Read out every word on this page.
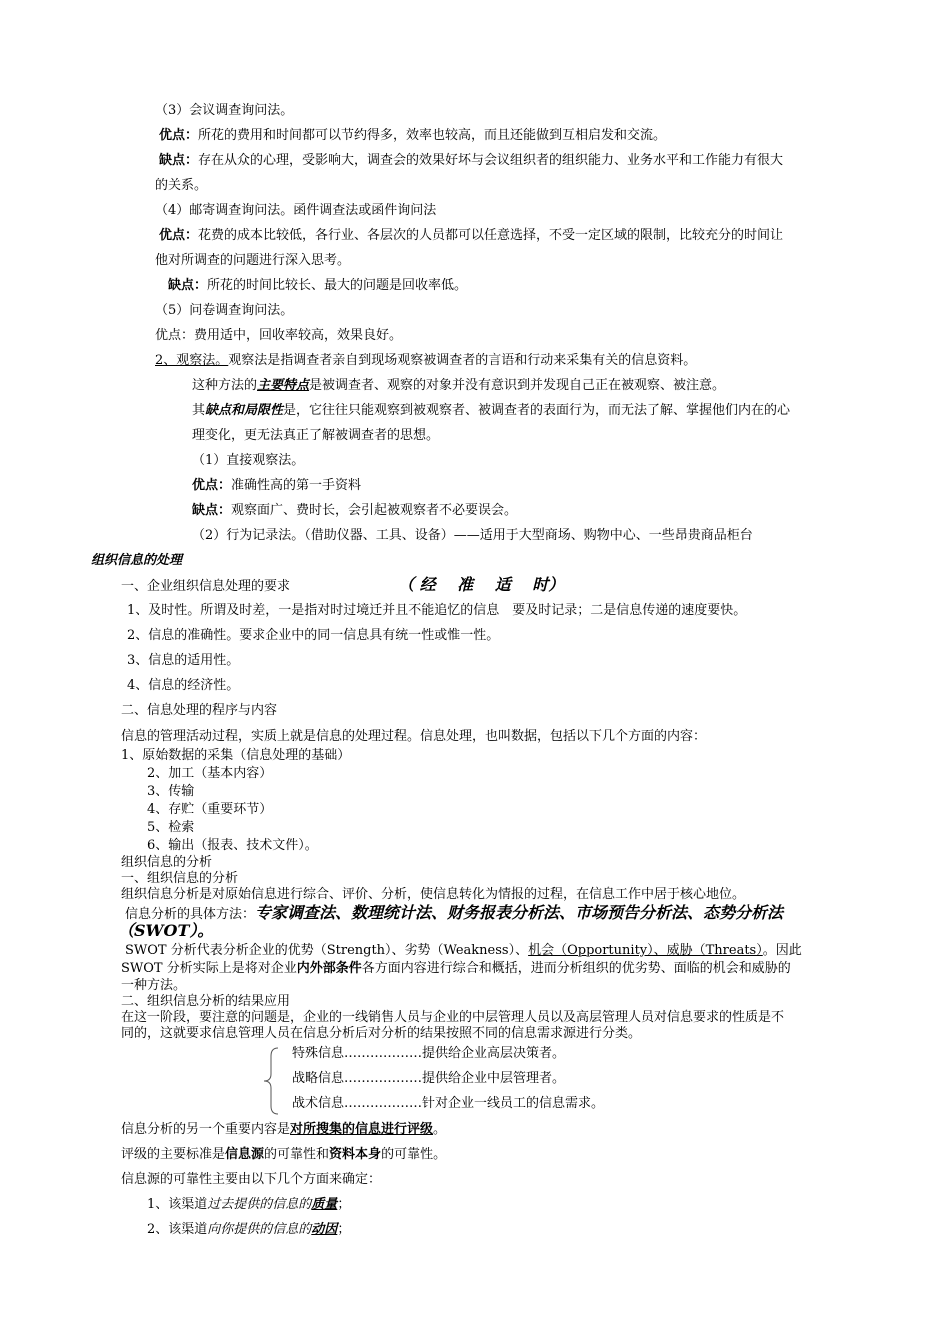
（3）会议调查询问法。
优点：所花的费用和时间都可以节约得多，效率也较高，而且还能做到互相启发和交流。
缺点：存在从众的心理，受影响大，调查会的效果好坏与会议组织者的组织能力、业务水平和工作能力有很大
的关系。
（4）邮寄调查询问法。函件调查法或函件询问法
优点：花费的成本比较低，各行业、各层次的人员都可以任意选择，不受一定区域的限制，比较充分的时间让
他对所调查的问题进行深入思考。
缺点：所花的时间比较长、最大的问题是回收率低。
（5）问卷调查询问法。
优点：费用适中，回收率较高，效果良好。
2、观察法。观察法是指调查者亲自到现场观察被调查者的言语和行动来采集有关的信息资料。
这种方法的主要特点是被调查者、观察的对象并没有意识到并发现自己正在被观察、被注意。
其缺点和局限性是，它往往只能观察到被观察者、被调查者的表面行为，而无法了解、掌握他们内在的心
理变化，更无法真正了解被调查者的思想。
（1）直接观察法。
优点：准确性高的第一手资料
缺点：观察面广、费时长，会引起被观察者不必要误会。
（2）行为记录法。（借助仪器、工具、设备）——适用于大型商场、购物中心、一些昂贵商品柜台
组织信息的处理
一、企业组织信息处理的要求	（ 经　 准　 适　 时）
1、及时性。所谓及时差，一是指对时过境迁并且不能追忆的信息　要及时记录；二是信息传递的速度要快。
2、信息的准确性。要求企业中的同一信息具有统一性或惟一性。
3、信息的适用性。
4、信息的经济性。
二、信息处理的程序与内容
信息的管理活动过程，实质上就是信息的处理过程。信息处理，也叫数据，包括以下几个方面的内容：
1、原始数据的采集（信息处理的基础）
2、加工（基本内容）
3、传输
4、存贮（重要环节）
5、检索
6、输出（报表、技术文件）。
组织信息的分析
一、组织信息的分析
组织信息分析是对原始信息进行综合、评价、分析，使信息转化为情报的过程，在信息工作中居于核心地位。
信息分析的具体方法：专家调查法、数理统计法、财务报表分析法、市场预告分析法、态势分析法
（SWOT）。
SWOT 分析代表分析企业的优势（Strength）、劣势（Weakness）、机会（Opportunity）、威胁（Threats）。因此
SWOT 分析实际上是将对企业内外部条件各方面内容进行综合和概括，进而分析组织的优劣势、面临的机会和威胁的
一种方法。
二、组织信息分析的结果应用
在这一阶段，要注意的问题是，企业的一线销售人员与企业的中层管理人员以及高层管理人员对信息要求的性质是不
同的，这就要求信息管理人员在信息分析后对分析的结果按照不同的信息需求源进行分类。
特殊信息………………提供给企业高层决策者。
战略信息………………提供给企业中层管理者。
战术信息………………针对企业一线员工的信息需求。
信息分析的另一个重要内容是对所搜集的信息进行评级。
评级的主要标准是信息源的可靠性和资料本身的可靠性。
信息源的可靠性主要由以下几个方面来确定：
1、该渠道过去提供的信息的质量；
2、该渠道向你提供的信息的动因；
